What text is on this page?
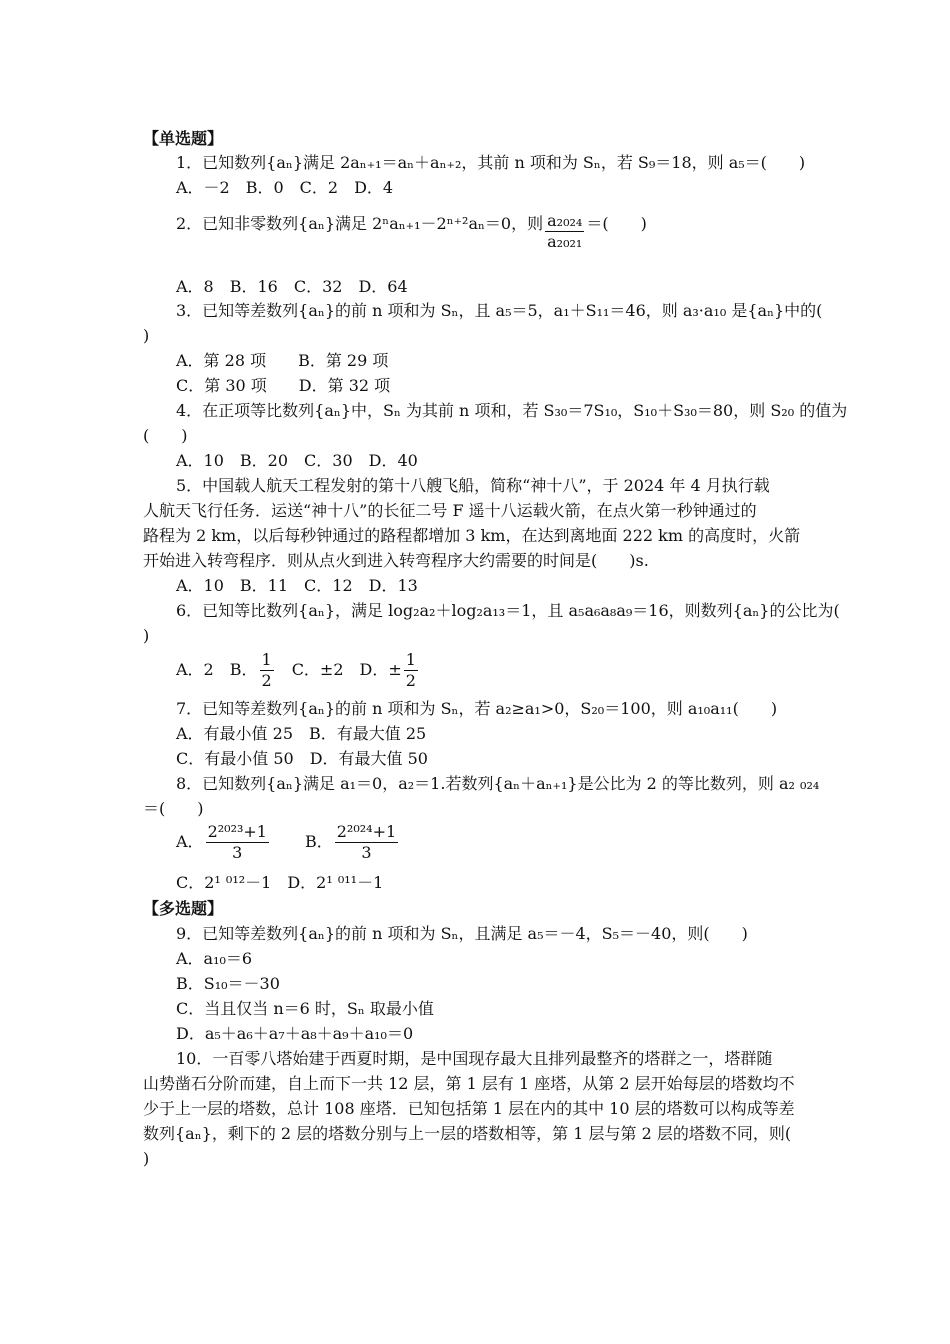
【单选题】
1．已知数列{aₙ}满足 2aₙ₊₁＝aₙ＋aₙ₊₂，其前 n 项和为 Sₙ，若 S₉＝18，则 a₅＝(　　)
A．－2　B．0　C．2　D．4
2．已知非零数列{aₙ}满足 2ⁿaₙ₊₁－2ⁿ⁺²aₙ＝0，则 $\frac{\text{a₂₀₂₄}}{\text{a₂₀₂₁}}$ ＝(　　)
A．8　B．16　C．32　D．64
3．已知等差数列{aₙ}的前 n 项和为 Sₙ，且 a₅＝5，a₁＋S₁₁＝46，则 a₃·a₁₀ 是{aₙ}中的(
)
A．第 28 项　　B．第 29 项
C．第 30 项　　D．第 32 项
4．在正项等比数列{aₙ}中，Sₙ 为其前 n 项和，若 S₃₀＝7S₁₀，S₁₀＋S₃₀＝80，则 S₂₀ 的值为
(　　)
A．10　B．20　C．30　D．40
5．中国载人航天工程发射的第十八艘飞船，简称“神十八”，于 2024 年 4 月执行载
人航天飞行任务．运送“神十八”的长征二号 F 遥十八运载火箭，在点火第一秒钟通过的
路程为 2 km，以后每秒钟通过的路程都增加 3 km，在达到离地面 222 km 的高度时，火箭
开始进入转弯程序．则从点火到进入转弯程序大约需要的时间是(　　)s.
A．10　B．11　C．12　D．13
6．已知等比数列{aₙ}，满足 log₂a₂＋log₂a₁₃＝1，且 a₅a₆a₈a₉＝16，则数列{aₙ}的公比为(
)
A．2　B． $\frac{1}{2}$ 　C．±2　D．± $\frac{1}{2}$
7．已知等差数列{aₙ}的前 n 项和为 Sₙ，若 a₂≥a₁>0，S₂₀＝100，则 a₁₀a₁₁(　　)
A．有最小值 25　B．有最大值 25
C．有最小值 50　D．有最大值 50
8．已知数列{aₙ}满足 a₁＝0，a₂＝1.若数列{aₙ＋aₙ₊₁}是公比为 2 的等比数列，则 a₂ ₀₂₄
＝(　　)
A． $\frac{\text{2²⁰²³+1}}{3}$ B． $\frac{\text{2²⁰²⁴+1}}{3}$
C．2¹ ⁰¹²－1　D．2¹ ⁰¹¹－1
【多选题】
9．已知等差数列{aₙ}的前 n 项和为 Sₙ，且满足 a₅＝－4，S₅＝－40，则(　　)
A．a₁₀＝6
B．S₁₀＝－30
C．当且仅当 n＝6 时，Sₙ 取最小值
D．a₅＋a₆＋a₇＋a₈＋a₉＋a₁₀＝0
10．一百零八塔始建于西夏时期，是中国现存最大且排列最整齐的塔群之一，塔群随
山势凿石分阶而建，自上而下一共 12 层，第 1 层有 1 座塔，从第 2 层开始每层的塔数均不
少于上一层的塔数，总计 108 座塔．已知包括第 1 层在内的其中 10 层的塔数可以构成等差
数列{aₙ}，剩下的 2 层的塔数分别与上一层的塔数相等，第 1 层与第 2 层的塔数不同，则(
)
